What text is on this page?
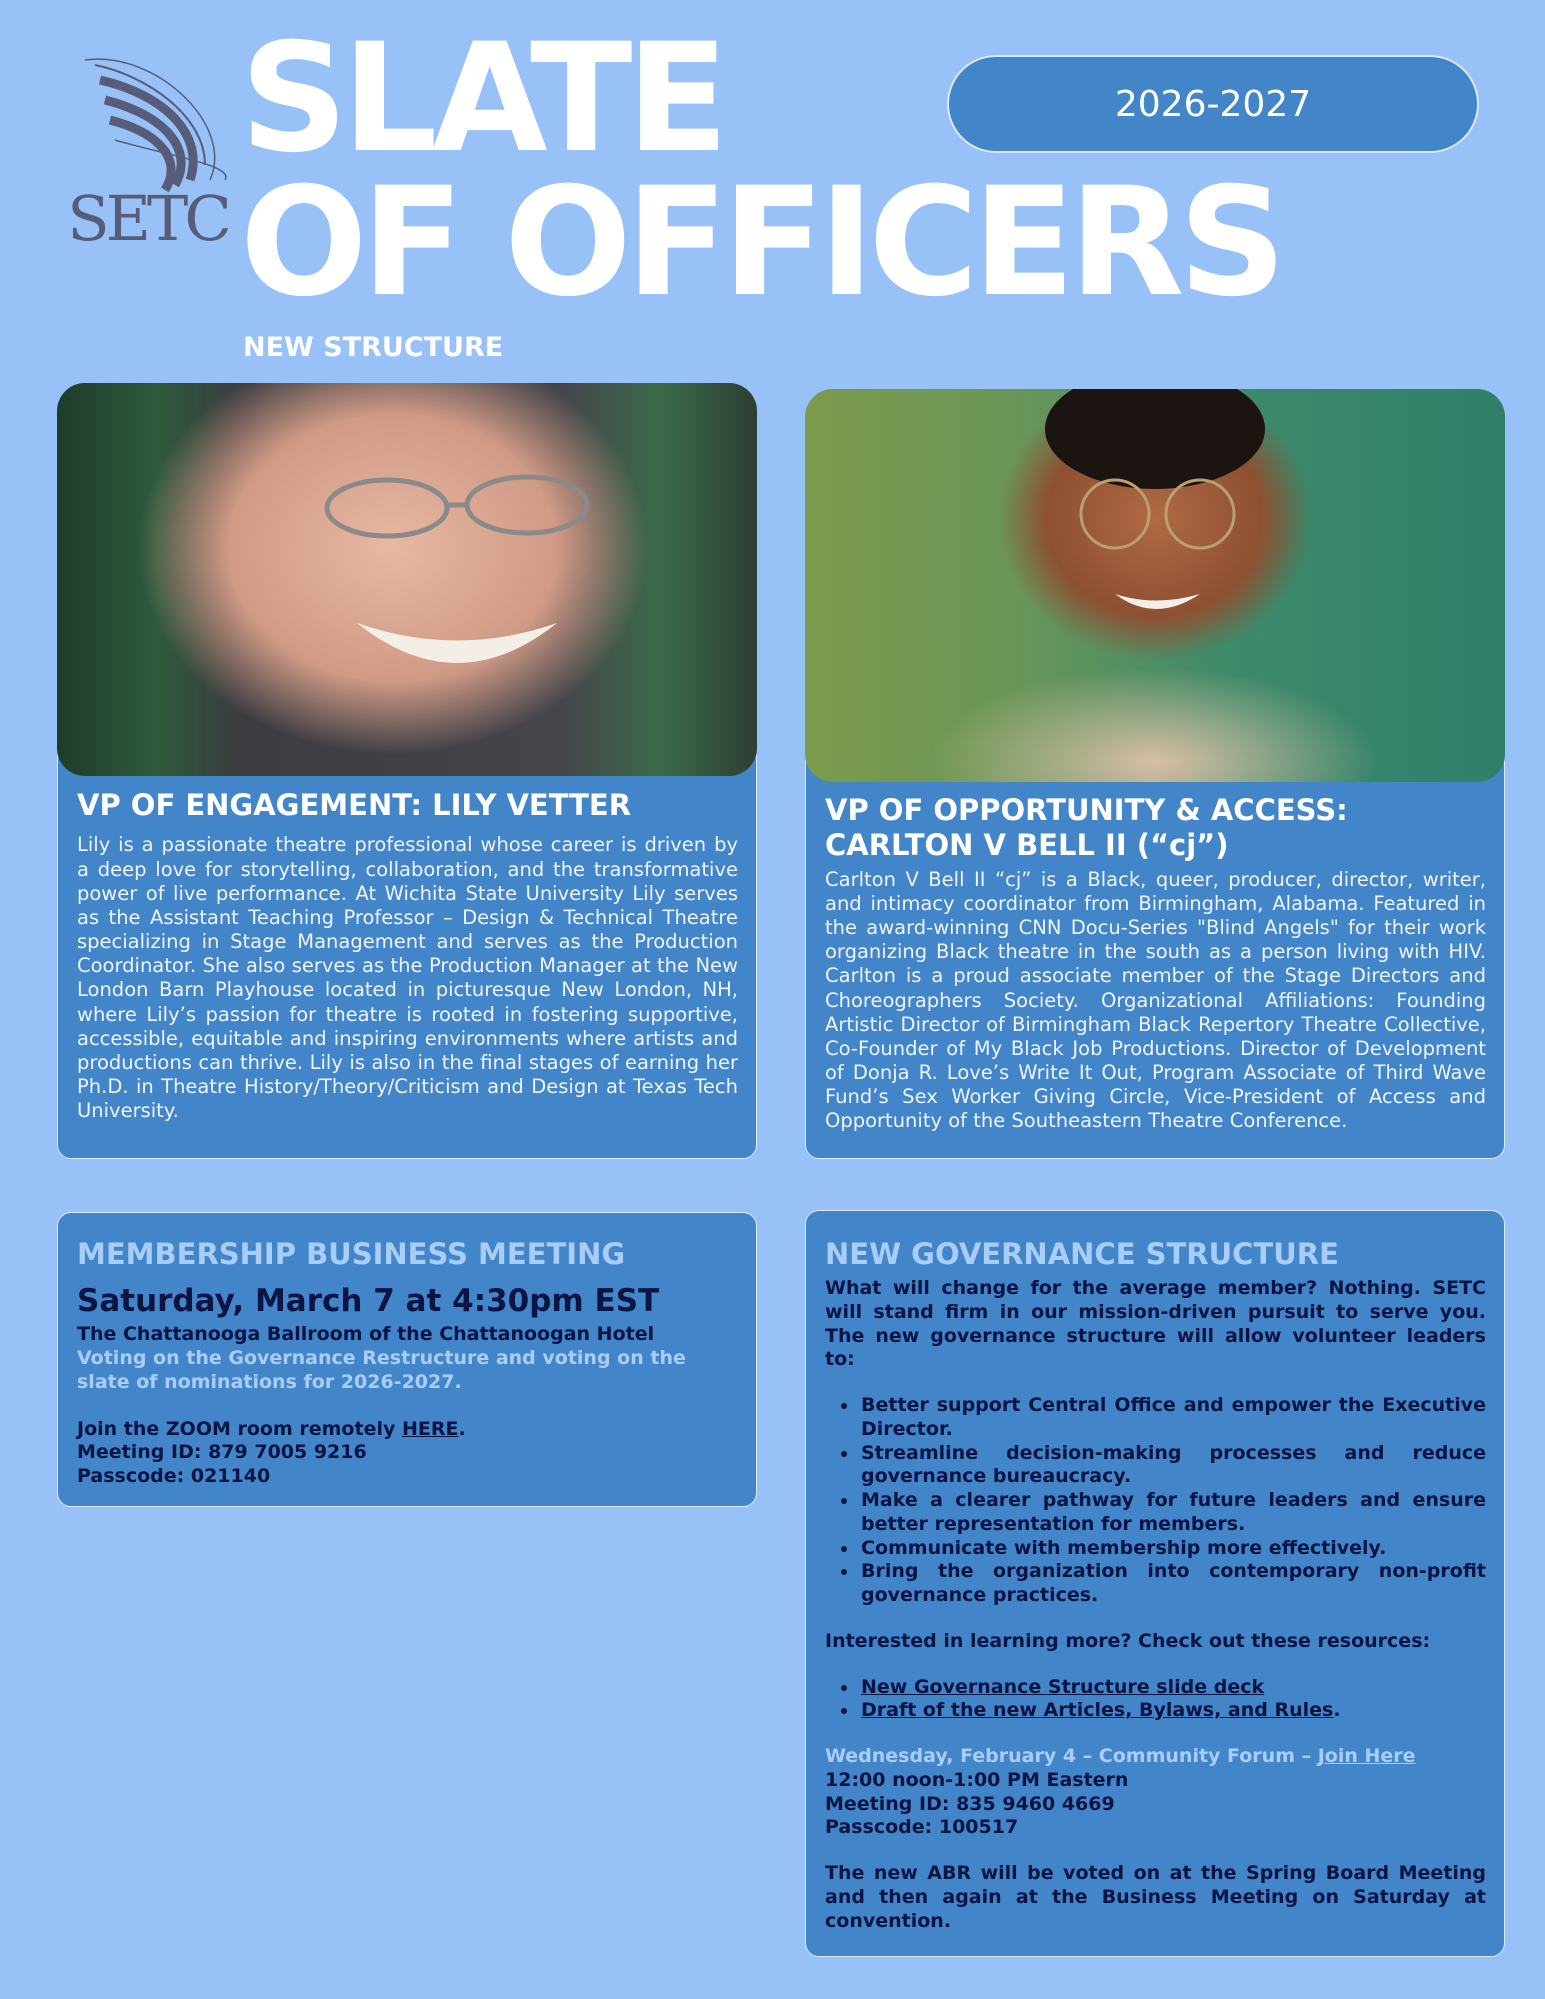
SETC
SLATE
OF OFFICERS
NEW STRUCTURE
2026-2027
VP OF ENGAGEMENT: LILY VETTER
Lily is a passionate theatre professional whose career is driven by a deep love for storytelling, collaboration, and the transformative power of live performance. At Wichita State University Lily serves as the Assistant Teaching Professor – Design & Technical Theatre specializing in Stage Management and serves as the Production Coordinator. She also serves as the Production Manager at the New London Barn Playhouse located in picturesque New London, NH, where Lily’s passion for theatre is rooted in fostering supportive, accessible, equitable and inspiring environments where artists and productions can thrive. Lily is also in the final stages of earning her Ph.D. in Theatre History/Theory/Criticism and Design at Texas Tech University.
VP OF OPPORTUNITY & ACCESS:
CARLTON V BELL II (“cj”)
Carlton V Bell II “cj” is a Black, queer, producer, director, writer, and intimacy coordinator from Birmingham, Alabama. Featured in the award-winning CNN Docu-Series "Blind Angels" for their work organizing Black theatre in the south as a person living with HIV. Carlton is a proud associate member of the Stage Directors and Choreographers Society. Organizational Affiliations: Founding Artistic Director of Birmingham Black Repertory Theatre Collective, Co-Founder of My Black Job Productions. Director of Development of Donja R. Love’s Write It Out, Program Associate of Third Wave Fund’s Sex Worker Giving Circle, Vice-President of Access and Opportunity of the Southeastern Theatre Conference.
MEMBERSHIP BUSINESS MEETING
Saturday, March 7 at 4:30pm EST
The Chattanooga Ballroom of the Chattanoogan Hotel
Voting on the Governance Restructure and voting on the slate of nominations for 2026-2027.
Join the ZOOM room remotely HERE.
Meeting ID: 879 7005 9216
Passcode: 021140
NEW GOVERNANCE STRUCTURE

What will change for the average member? Nothing. SETC will stand firm in our mission-driven pursuit to serve you. The new governance structure will allow volunteer leaders to:

• Better support Central Office and empower the Executive Director.
• Streamline decision-making processes and reduce governance bureaucracy.
• Make a clearer pathway for future leaders and ensure better representation for members.
• Communicate with membership more effectively.
• Bring the organization into contemporary non-profit governance practices.

Interested in learning more? Check out these resources:

• New Governance Structure slide deck
• Draft of the new Articles, Bylaws, and Rules.

Wednesday, February 4 – Community Forum – Join Here

12:00 noon-1:00 PM Eastern

Meeting ID: 835 9460 4669

Passcode: 100517

The new ABR will be voted on at the Spring Board Meeting and then again at the Business Meeting on Saturday at convention.
